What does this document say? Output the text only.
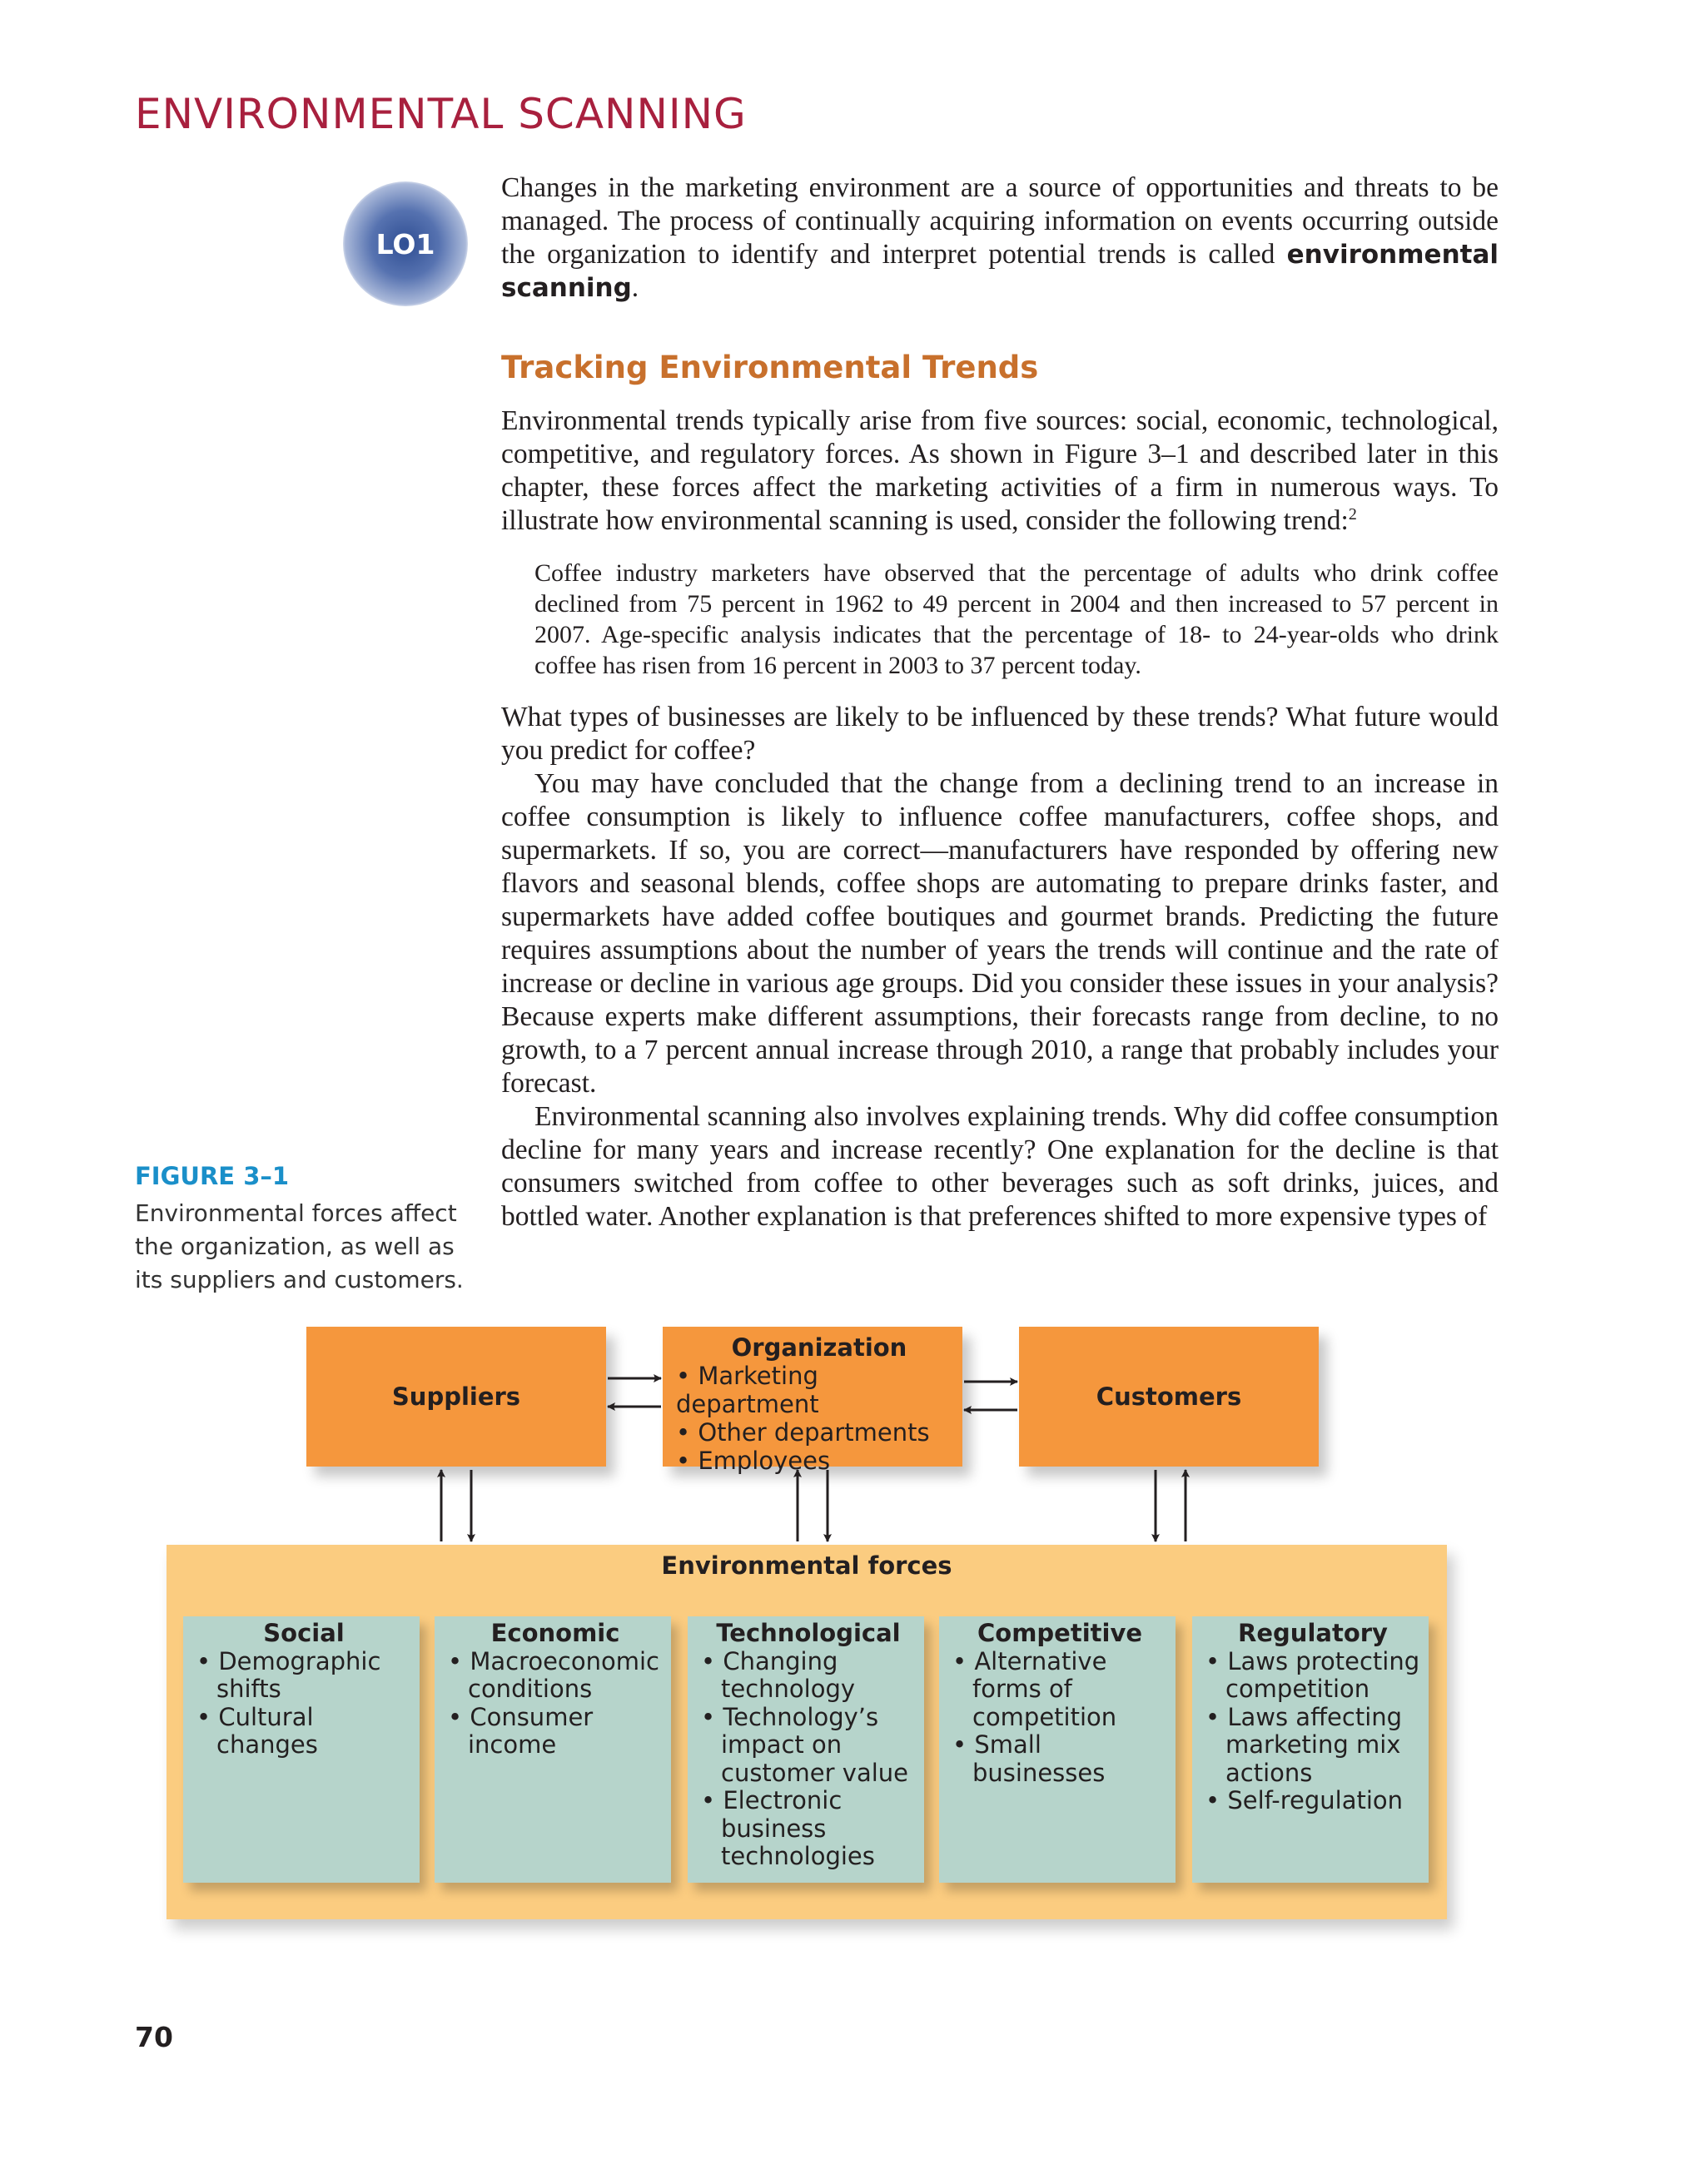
ENVIRONMENTAL SCANNING
LO1

Changes in the marketing environment are a source of opportunities and threats to be managed. The process of continually acquiring information on events occurring outside the organization to identify and interpret potential trends is called environmental scanning.

Tracking Environmental Trends

Environmental trends typically arise from five sources: social, economic, technological, competitive, and regulatory forces. As shown in Figure 3–1 and described later in this chapter, these forces affect the marketing activities of a firm in numerous ways. To illustrate how environmental scanning is used, consider the following trend:$^2$

Coffee industry marketers have observed that the percentage of adults who drink coffee declined from 75 percent in 1962 to 49 percent in 2004 and then increased to 57 percent in 2007. Age-specific analysis indicates that the percentage of 18- to 24-year-olds who drink coffee has risen from 16 percent in 2003 to 37 percent today.

What types of businesses are likely to be influenced by these trends? What future would you predict for coffee?

You may have concluded that the change from a declining trend to an increase in coffee consumption is likely to influence coffee manufacturers, coffee shops, and supermarkets. If so, you are correct—manufacturers have responded by offering new flavors and seasonal blends, coffee shops are automating to prepare drinks faster, and supermarkets have added coffee boutiques and gourmet brands. Predicting the future requires assumptions about the number of years the trends will continue and the rate of increase or decline in various age groups. Did you consider these issues in your analysis? Because experts make different assumptions, their forecasts range from decline, to no growth, to a 7 percent annual increase through 2010, a range that probably includes your forecast.

Environmental scanning also involves explaining trends. Why did coffee consumption decline for many years and increase recently? One explanation for the decline is that consumers switched from coffee to other beverages such as soft drinks, juices, and bottled water. Another explanation is that preferences shifted to more expensive types of

FIGURE 3–1
Environmental forces affect the organization, as well as its suppliers and customers.
Suppliers
Organization
• Marketing department
• Other departments
• Employees
Customers
Environmental forces
Social
• Demographic shifts
• Cultural changes
Economic
• Macroeconomic conditions
• Consumer income
Technological
• Changing technology
• Technology’s impact on customer value
• Electronic business technologies
Competitive
• Alternative forms of competition
• Small businesses
Regulatory
• Laws protecting competition
• Laws affecting marketing mix actions
• Self-regulation
70
